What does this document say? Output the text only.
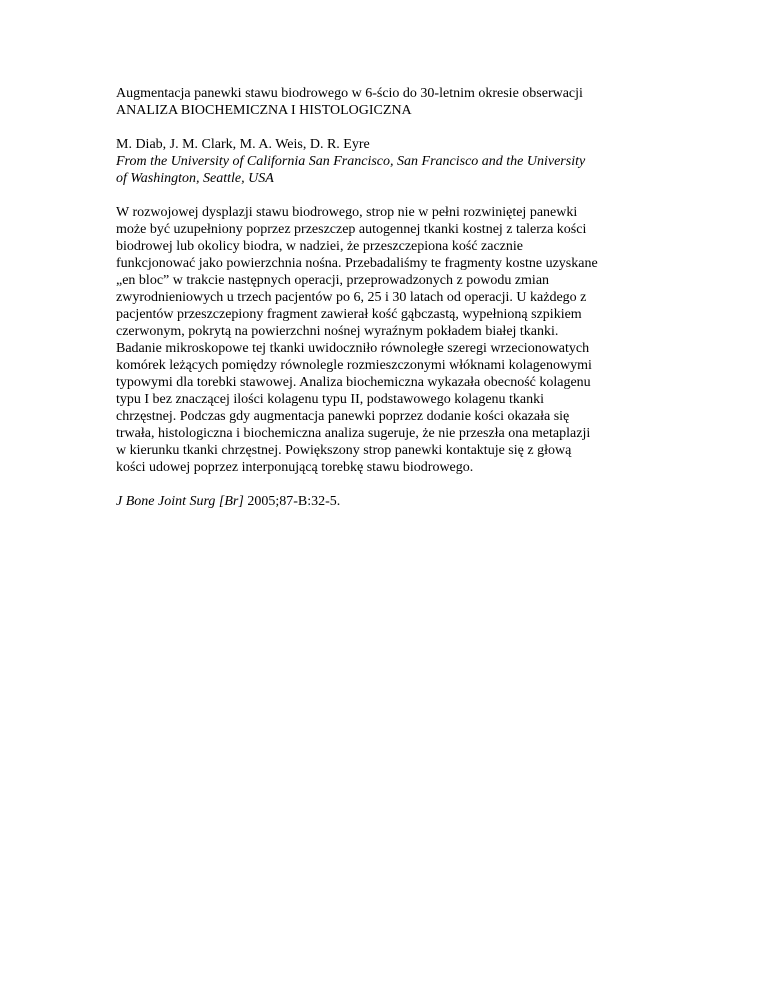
Augmentacja panewki stawu biodrowego w 6-ścio do 30-letnim okresie obserwacji
ANALIZA BIOCHEMICZNA I HISTOLOGICZNA
M. Diab, J. M. Clark, M. A. Weis, D. R. Eyre
From the University of California San Francisco, San Francisco and the University
of Washington, Seattle, USA
W rozwojowej dysplazji stawu biodrowego, strop nie w pełni rozwiniętej panewki
może być uzupełniony poprzez przeszczep autogennej tkanki kostnej z talerza kości
biodrowej lub okolicy biodra, w nadziei, że przeszczepiona kość zacznie
funkcjonować jako powierzchnia nośna. Przebadaliśmy te fragmenty kostne uzyskane
„en bloc” w trakcie następnych operacji, przeprowadzonych z powodu zmian
zwyrodnieniowych u trzech pacjentów po 6, 25 i 30 latach od operacji. U każdego z
pacjentów przeszczepiony fragment zawierał kość gąbczastą, wypełnioną szpikiem
czerwonym, pokrytą na powierzchni nośnej wyraźnym pokładem białej tkanki.
Badanie mikroskopowe tej tkanki uwidoczniło równoległe szeregi wrzecionowatych
komórek leżących pomiędzy równolegle rozmieszczonymi włóknami kolagenowymi
typowymi dla torebki stawowej. Analiza biochemiczna wykazała obecność kolagenu
typu I bez znaczącej ilości kolagenu typu II, podstawowego kolagenu tkanki
chrzęstnej. Podczas gdy augmentacja panewki poprzez dodanie kości okazała się
trwała, histologiczna i biochemiczna analiza sugeruje, że nie przeszła ona metaplazji
w kierunku tkanki chrzęstnej. Powiększony strop panewki kontaktuje się z głową
kości udowej poprzez interponującą torebkę stawu biodrowego.
J Bone Joint Surg [Br] 2005;87-B:32-5.
